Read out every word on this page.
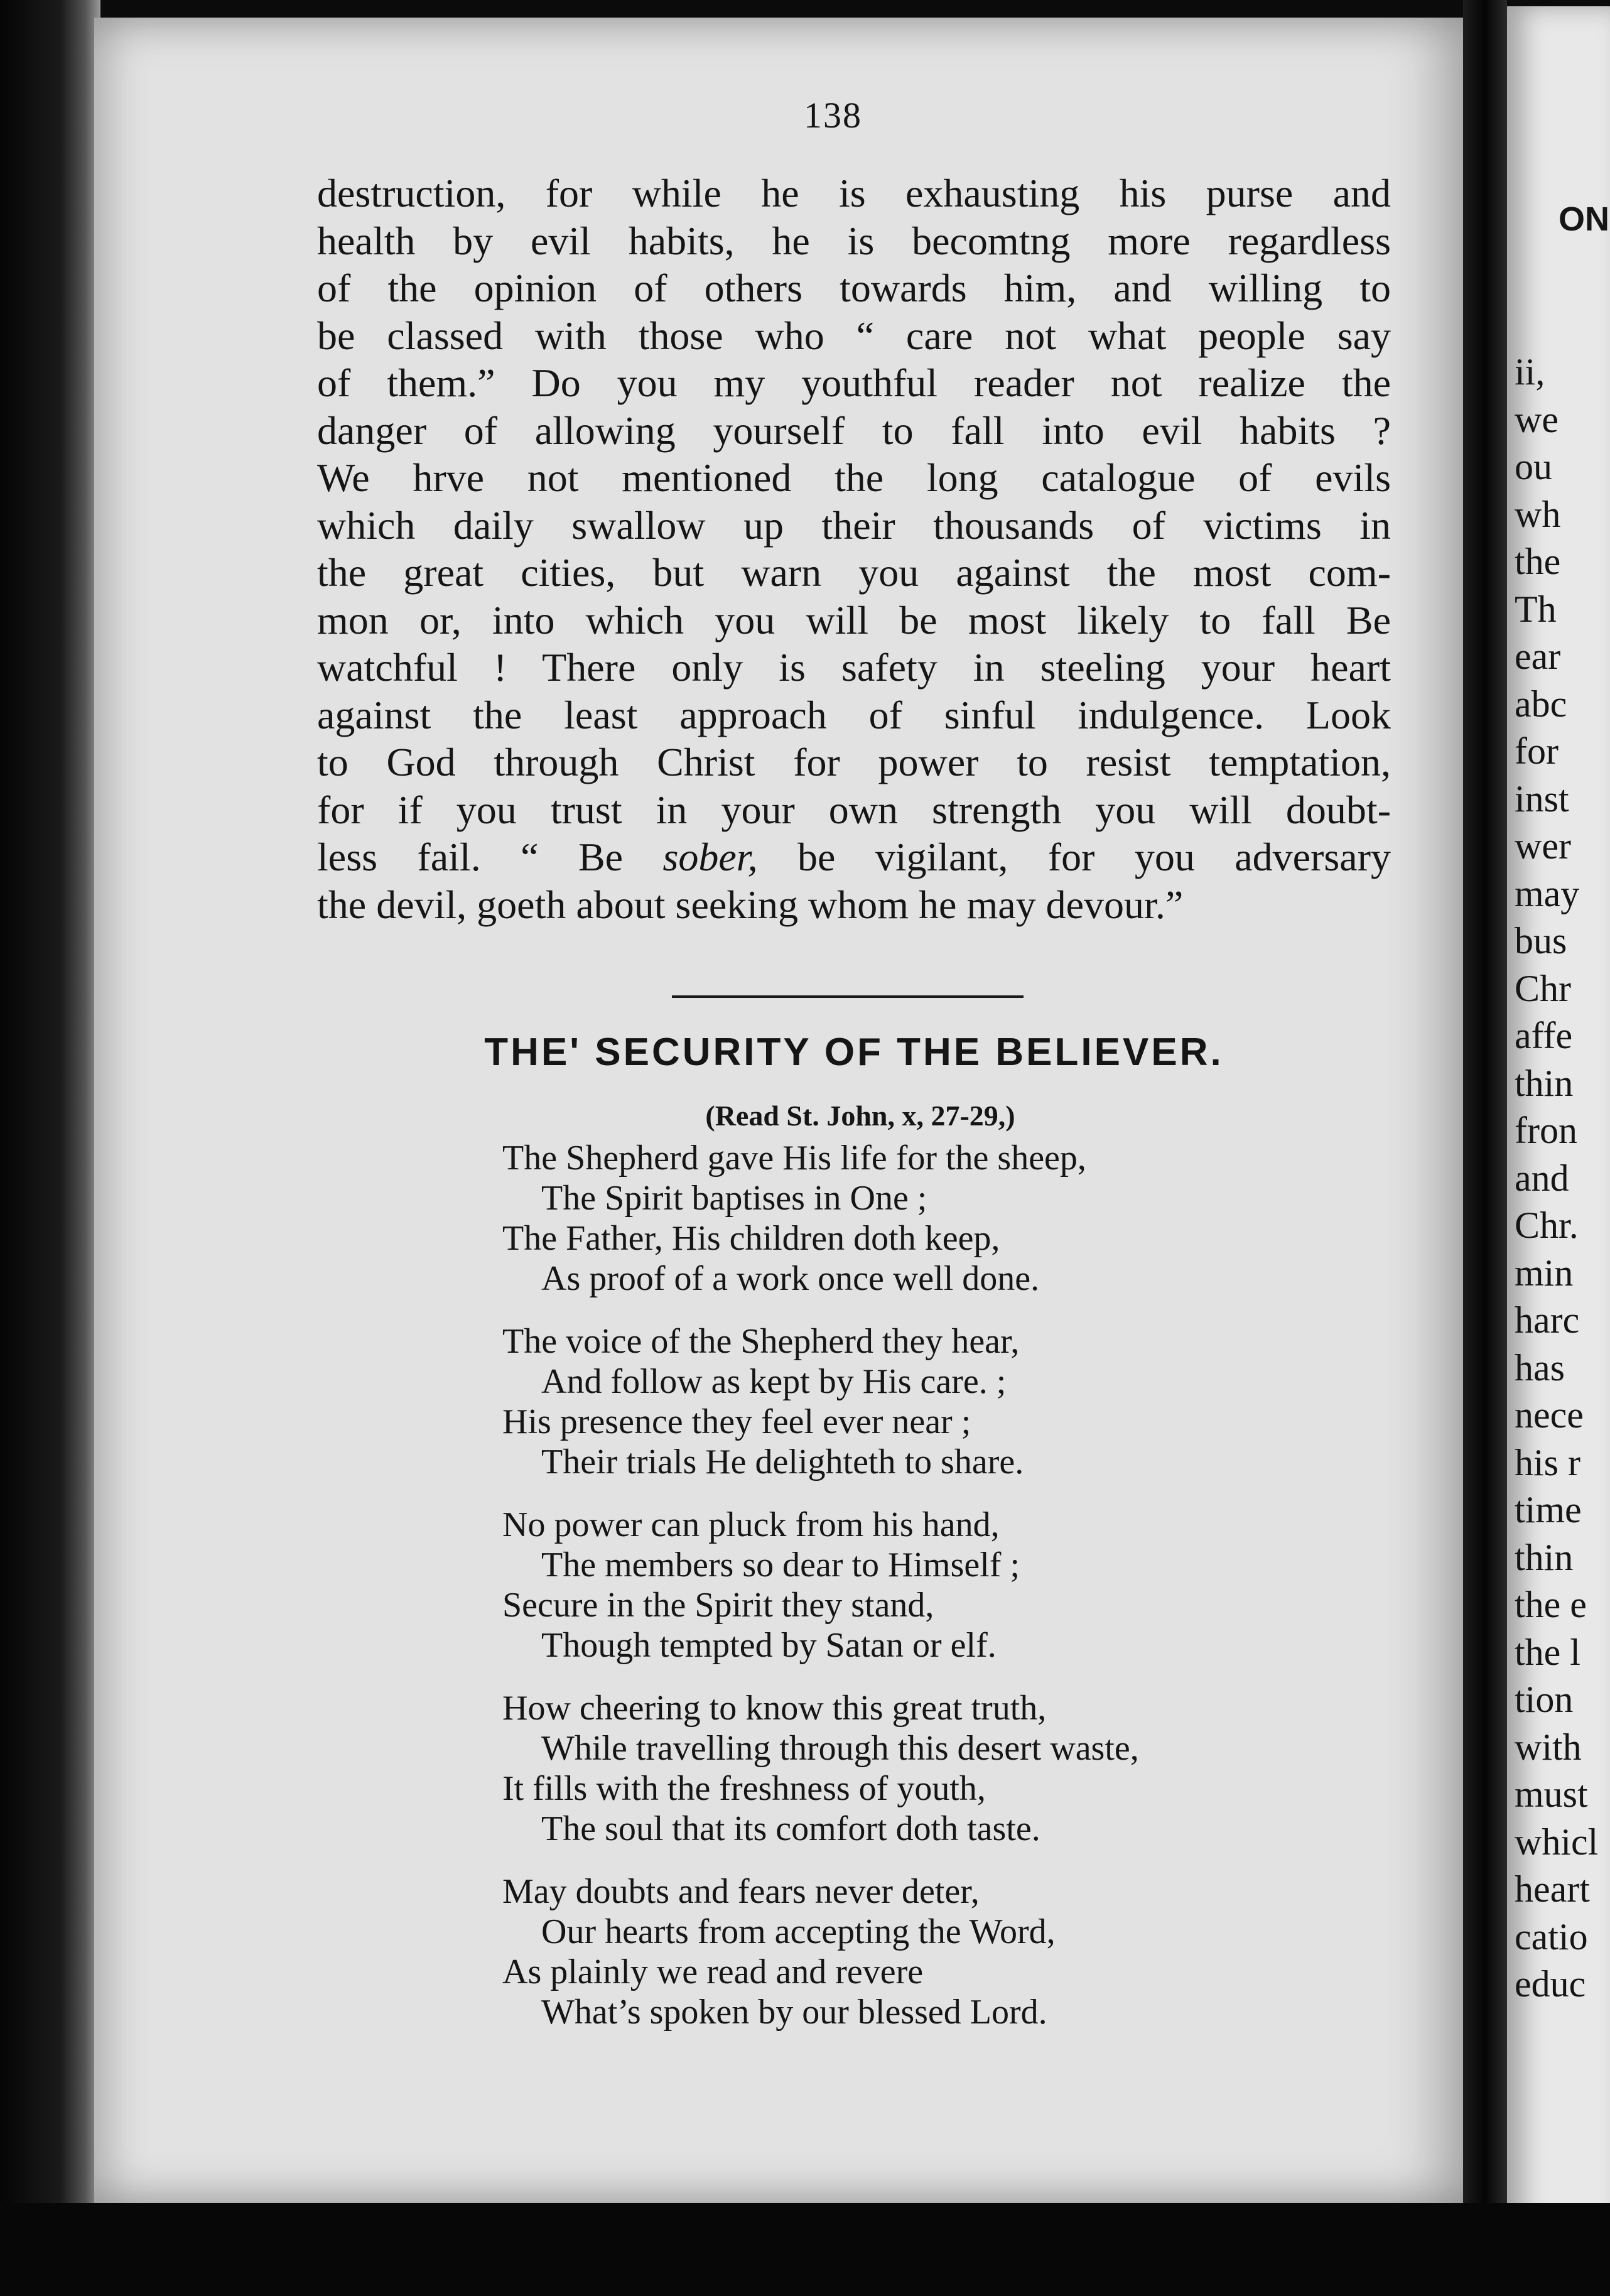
138
destruction, for while he is exhausting his purse and
health by evil habits, he is becomtng more regardless
of the opinion of others towards him, and willing to
be classed with those who “ care not what people say
of them.” Do you my youthful reader not realize the
danger of allowing yourself to fall into evil habits ?
We hrve not mentioned the long catalogue of evils
which daily swallow up their thousands of victims in
the great cities, but warn you against the most com-
mon or, into which you will be most likely to fall Be
watchful ! There only is safety in steeling your heart
against the least approach of sinful indulgence. Look
to God through Christ for power to resist temptation,
for if you trust in your own strength you will doubt-
less fail. “ Be sober, be vigilant, for you adversary
the devil, goeth about seeking whom he may devour.”
THE' SECURITY OF THE BELIEVER.
(Read St. John, x, 27-29,)
The Shepherd gave His life for the sheep,
The Spirit baptises in One ;
The Father, His children doth keep,
As proof of a work once well done.
The voice of the Shepherd they hear,
And follow as kept by His care. ;
His presence they feel ever near ;
Their trials He delighteth to share.
No power can pluck from his hand,
The members so dear to Himself ;
Secure in the Spirit they stand,
Though tempted by Satan or elf.
How cheering to know this great truth,
While travelling through this desert waste,
It fills with the freshness of youth,
The soul that its comfort doth taste.
May doubts and fears never deter,
Our hearts from accepting the Word,
As plainly we read and revere
What’s spoken by our blessed Lord.
ON
ii,
we
ou
wh
the
Th
ear
abc
for
inst
wer
may
bus
Chr
affe
thin
fron
and
Chr.
min
harc
has
nece
his r
time
thin
the e
the l
tion
with
must
whicl
heart
catio
educ
